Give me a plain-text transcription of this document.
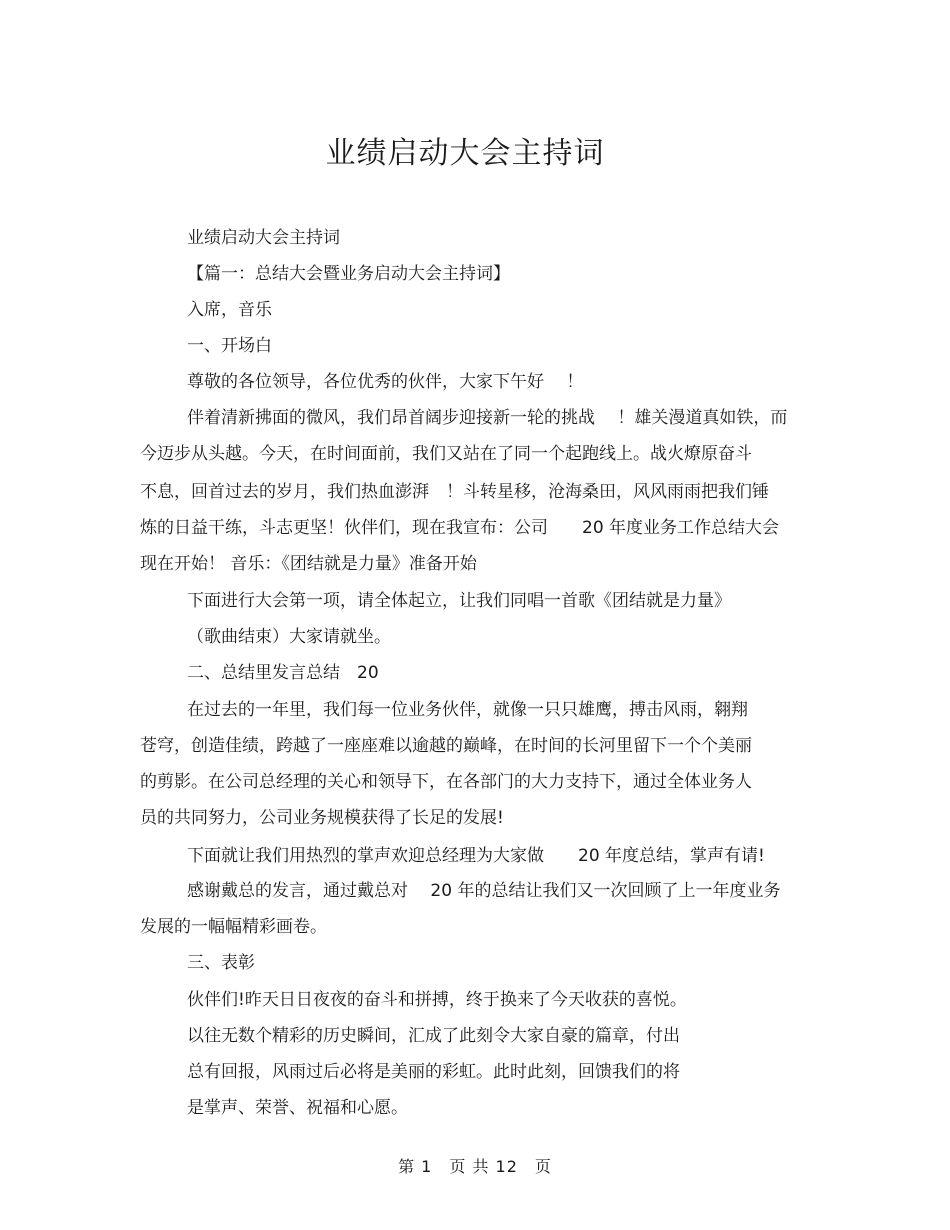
业绩启动大会主持词
业绩启动大会主持词
【篇一：总结大会暨业务启动大会主持词】
入席，音乐
一、开场白
尊敬的各位领导，各位优秀的伙伴，大家下午好　 ！
伴着清新拂面的微风，我们昂首阔步迎接新一轮的挑战　 ！雄关漫道真如铁，而
今迈步从头越。今天，在时间面前，我们又站在了同一个起跑线上。战火燎原奋斗
不息，回首过去的岁月，我们热血澎湃　！斗转星移，沧海桑田，风风雨雨把我们锤
炼的日益干练，斗志更坚！伙伴们，现在我宣布：公司　　20 年度业务工作总结大会
现在开始！ 音乐：《团结就是力量》准备开始
下面进行大会第一项，请全体起立，让我们同唱一首歌《团结就是力量》
（歌曲结束）大家请就坐。
二、总结里发言总结　20
在过去的一年里，我们每一位业务伙伴，就像一只只雄鹰，搏击风雨，翱翔
苍穹，创造佳绩，跨越了一座座难以逾越的巅峰，在时间的长河里留下一个个美丽
的剪影。在公司总经理的关心和领导下，在各部门的大力支持下，通过全体业务人
员的共同努力，公司业务规模获得了长足的发展!
下面就让我们用热烈的掌声欢迎总经理为大家做　　20 年度总结，掌声有请!
感谢戴总的发言，通过戴总对　 20 年的总结让我们又一次回顾了上一年度业务
发展的一幅幅精彩画卷。
三、表彰
伙伴们!昨天日日夜夜的奋斗和拼搏，终于换来了今天收获的喜悦。
以往无数个精彩的历史瞬间，汇成了此刻令大家自豪的篇章，付出
总有回报，风雨过后必将是美丽的彩虹。此时此刻，回馈我们的将
是掌声、荣誉、祝福和心愿。
第 1　页 共 12　页
